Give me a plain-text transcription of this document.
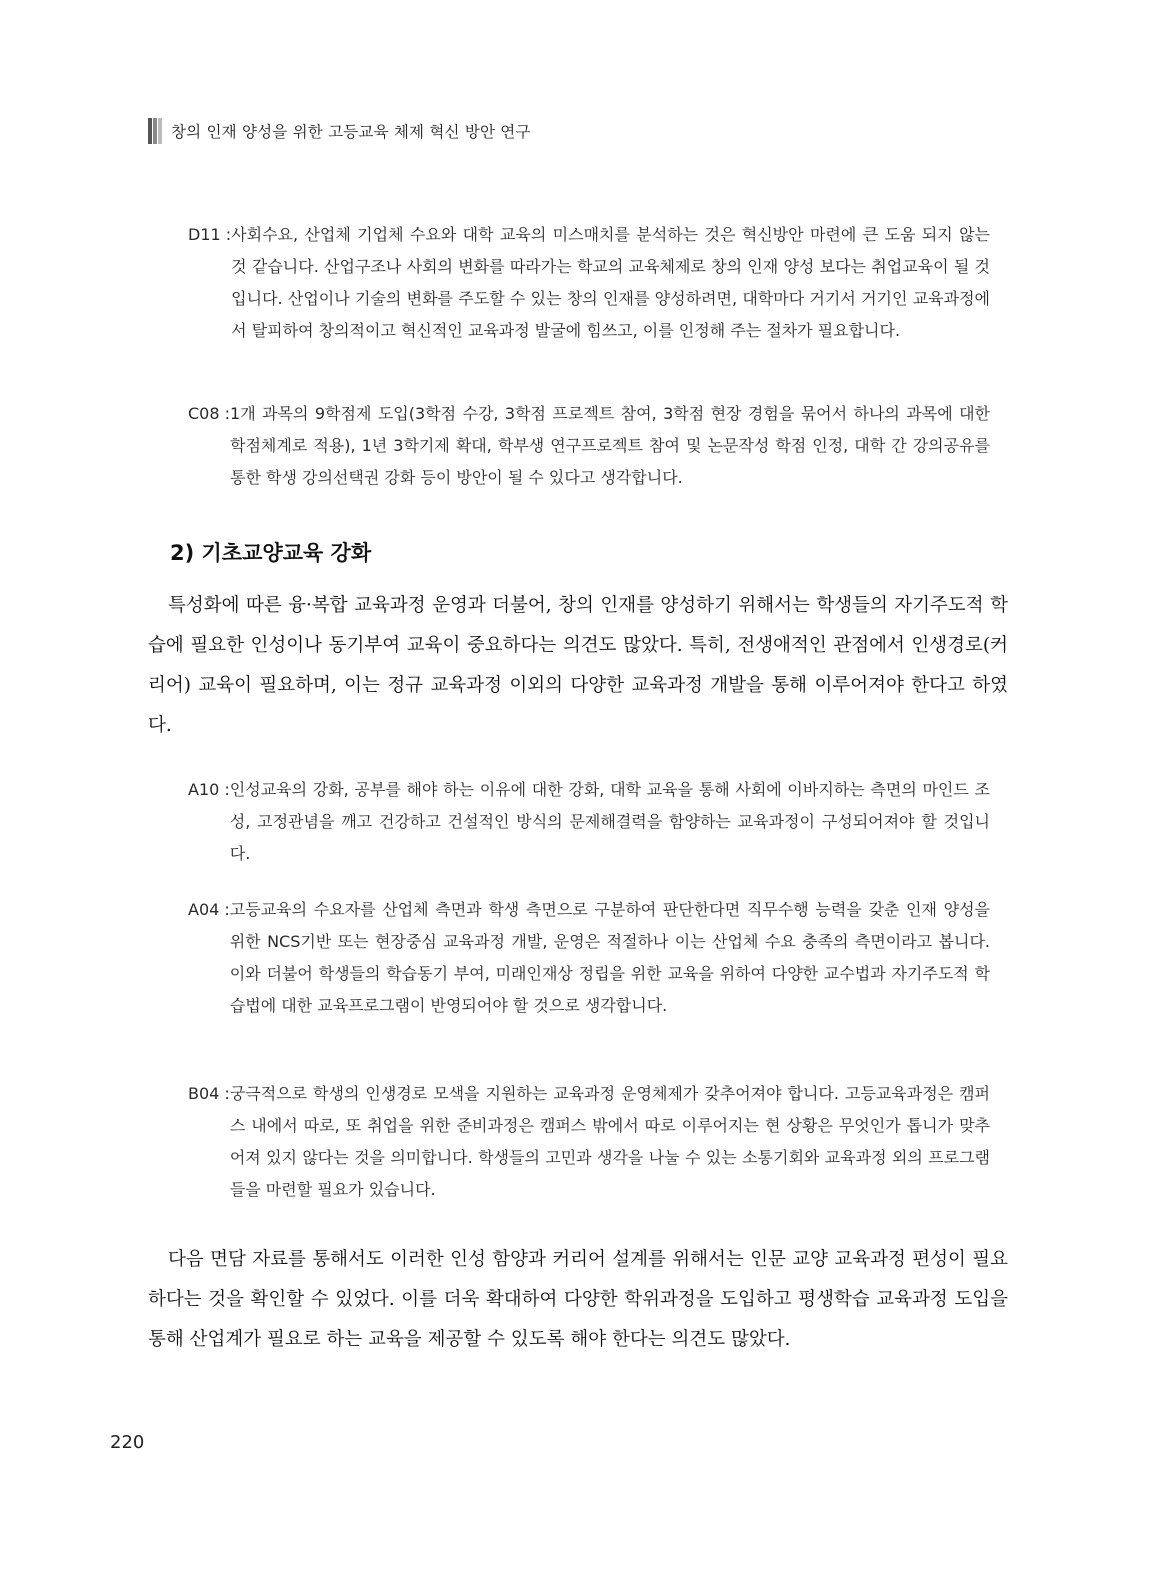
창의 인재 양성을 위한 고등교육 체제 혁신 방안 연구
D11 : 사회수요, 산업체 기업체 수요와 대학 교육의 미스매치를 분석하는 것은 혁신방안 마련에 큰 도움 되지 않는 것 같습니다. 산업구조나 사회의 변화를 따라가는 학교의 교육체제로 창의 인재 양성 보다는 취업교육이 될 것입니다. 산업이나 기술의 변화를 주도할 수 있는 창의 인재를 양성하려면, 대학마다 거기서 거기인 교육과정에서 탈피하여 창의적이고 혁신적인 교육과정 발굴에 힘쓰고, 이를 인정해 주는 절차가 필요합니다.
C08 : 1개 과목의 9학점제 도입(3학점 수강, 3학점 프로젝트 참여, 3학점 현장 경험을 묶어서 하나의 과목에 대한 학점체계로 적용), 1년 3학기제 확대, 학부생 연구프로젝트 참여 및 논문작성 학점 인정, 대학 간 강의공유를 통한 학생 강의선택권 강화 등이 방안이 될 수 있다고 생각합니다.
2) 기초교양교육 강화
특성화에 따른 융·복합 교육과정 운영과 더불어, 창의 인재를 양성하기 위해서는 학생들의 자기주도적 학습에 필요한 인성이나 동기부여 교육이 중요하다는 의견도 많았다. 특히, 전생애적인 관점에서 인생경로(커리어) 교육이 필요하며, 이는 정규 교육과정 이외의 다양한 교육과정 개발을 통해 이루어져야 한다고 하였다.
A10 : 인성교육의 강화, 공부를 해야 하는 이유에 대한 강화, 대학 교육을 통해 사회에 이바지하는 측면의 마인드 조성, 고정관념을 깨고 건강하고 건설적인 방식의 문제해결력을 함양하는 교육과정이 구성되어져야 할 것입니다.
A04 : 고등교육의 수요자를 산업체 측면과 학생 측면으로 구분하여 판단한다면 직무수행 능력을 갖춘 인재 양성을 위한 NCS기반 또는 현장중심 교육과정 개발, 운영은 적절하나 이는 산업체 수요 충족의 측면이라고 봅니다. 이와 더불어 학생들의 학습동기 부여, 미래인재상 정립을 위한 교육을 위하여 다양한 교수법과 자기주도적 학습법에 대한 교육프로그램이 반영되어야 할 것으로 생각합니다.
B04 : 궁극적으로 학생의 인생경로 모색을 지원하는 교육과정 운영체제가 갖추어져야 합니다. 고등교육과정은 캠퍼스 내에서 따로, 또 취업을 위한 준비과정은 캠퍼스 밖에서 따로 이루어지는 현 상황은 무엇인가 톱니가 맞추어져 있지 않다는 것을 의미합니다. 학생들의 고민과 생각을 나눌 수 있는 소통기회와 교육과정 외의 프로그램들을 마련할 필요가 있습니다.
다음 면담 자료를 통해서도 이러한 인성 함양과 커리어 설계를 위해서는 인문 교양 교육과정 편성이 필요하다는 것을 확인할 수 있었다. 이를 더욱 확대하여 다양한 학위과정을 도입하고 평생학습 교육과정 도입을 통해 산업계가 필요로 하는 교육을 제공할 수 있도록 해야 한다는 의견도 많았다.
220
